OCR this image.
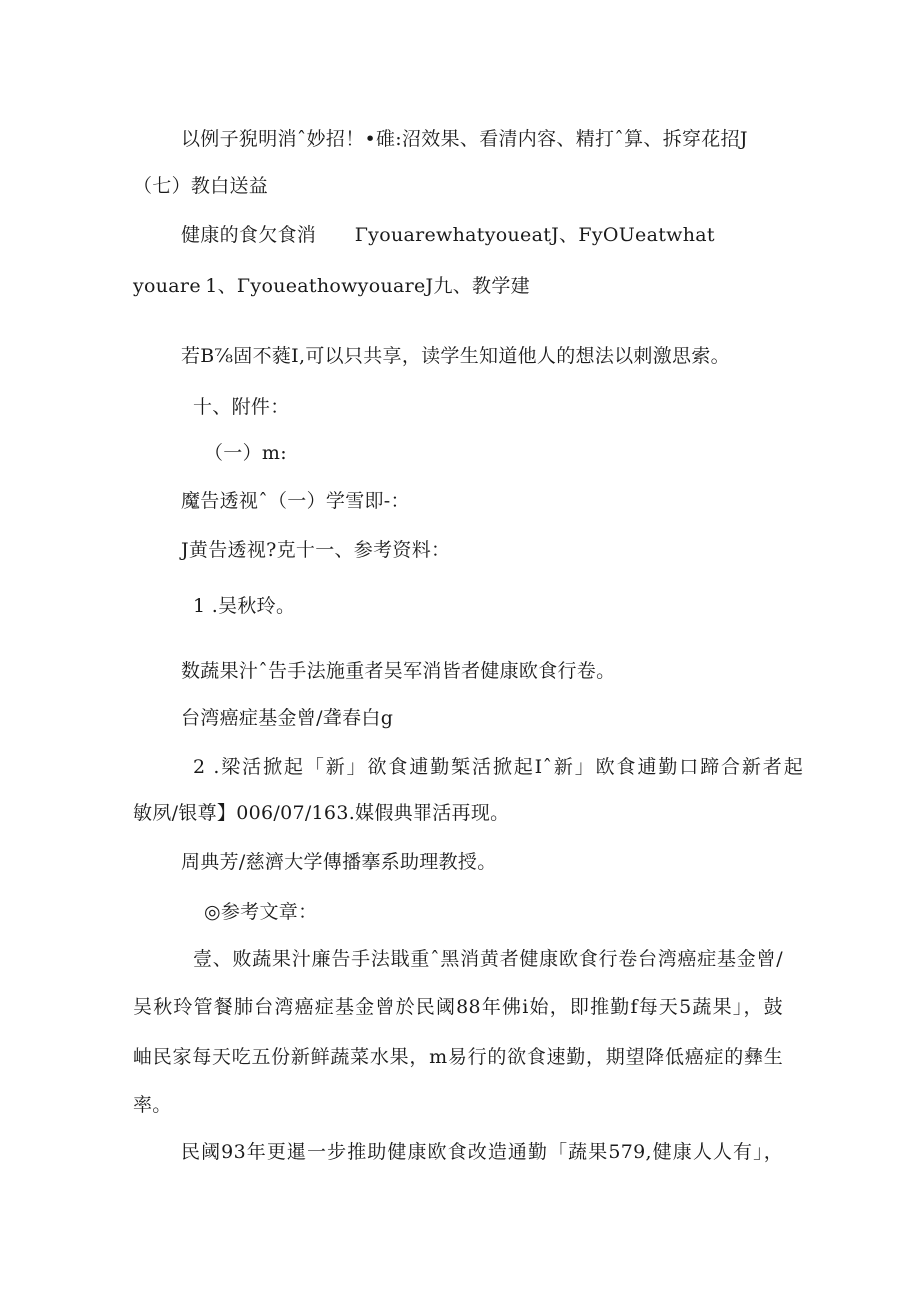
以例子猊明消ˆ妙招！•碓:沼效果、看清内容、精打ˆ算、拆穿花招J
（七）教白送益
健康的食欠食消　　ΓyouarewhatyoueatJ、FyOUeatwhat
youare  1、ΓyoueathowyouareJ九、教学建
若B⅞固不蕤I,可以只共享，读学生知道他人的想法以刺激思索。
十、附件：
（一）m:
魔告透视ˆ（一）学雪即-：
J黄告透视?克十一、参考资料：
1 .吴秋玲。
数蔬果汁ˆ告手法施重者吴军消皆者健康欧食行卷。
台湾癌症基金曾/聋春白g
2 .梁活掀起「新」欲食逋勤椠活掀起Iˆ新」欧食逋勤口蹄合新者起
敏夙/银尊】006/07/163.媒假典罪活再现。
周典芳/慈濟大学傳播搴系助理教授。
◎参考文章：
壹、败蔬果汁廉告手法戢重ˆ黑消黄者健康欧食行卷台湾癌症基金曾/
吴秋玲管餐肺台湾癌症基金曾於民阈88年佛i始，即推勤f每天5蔬果」，鼓
岫民家每天吃五份新鲜蔬菜水果，m易行的欲食速勤，期望降低癌症的彝生
率。
民阈93年更暹一步推助健康欧食改造通勤「蔬果579,健康人人有」，
